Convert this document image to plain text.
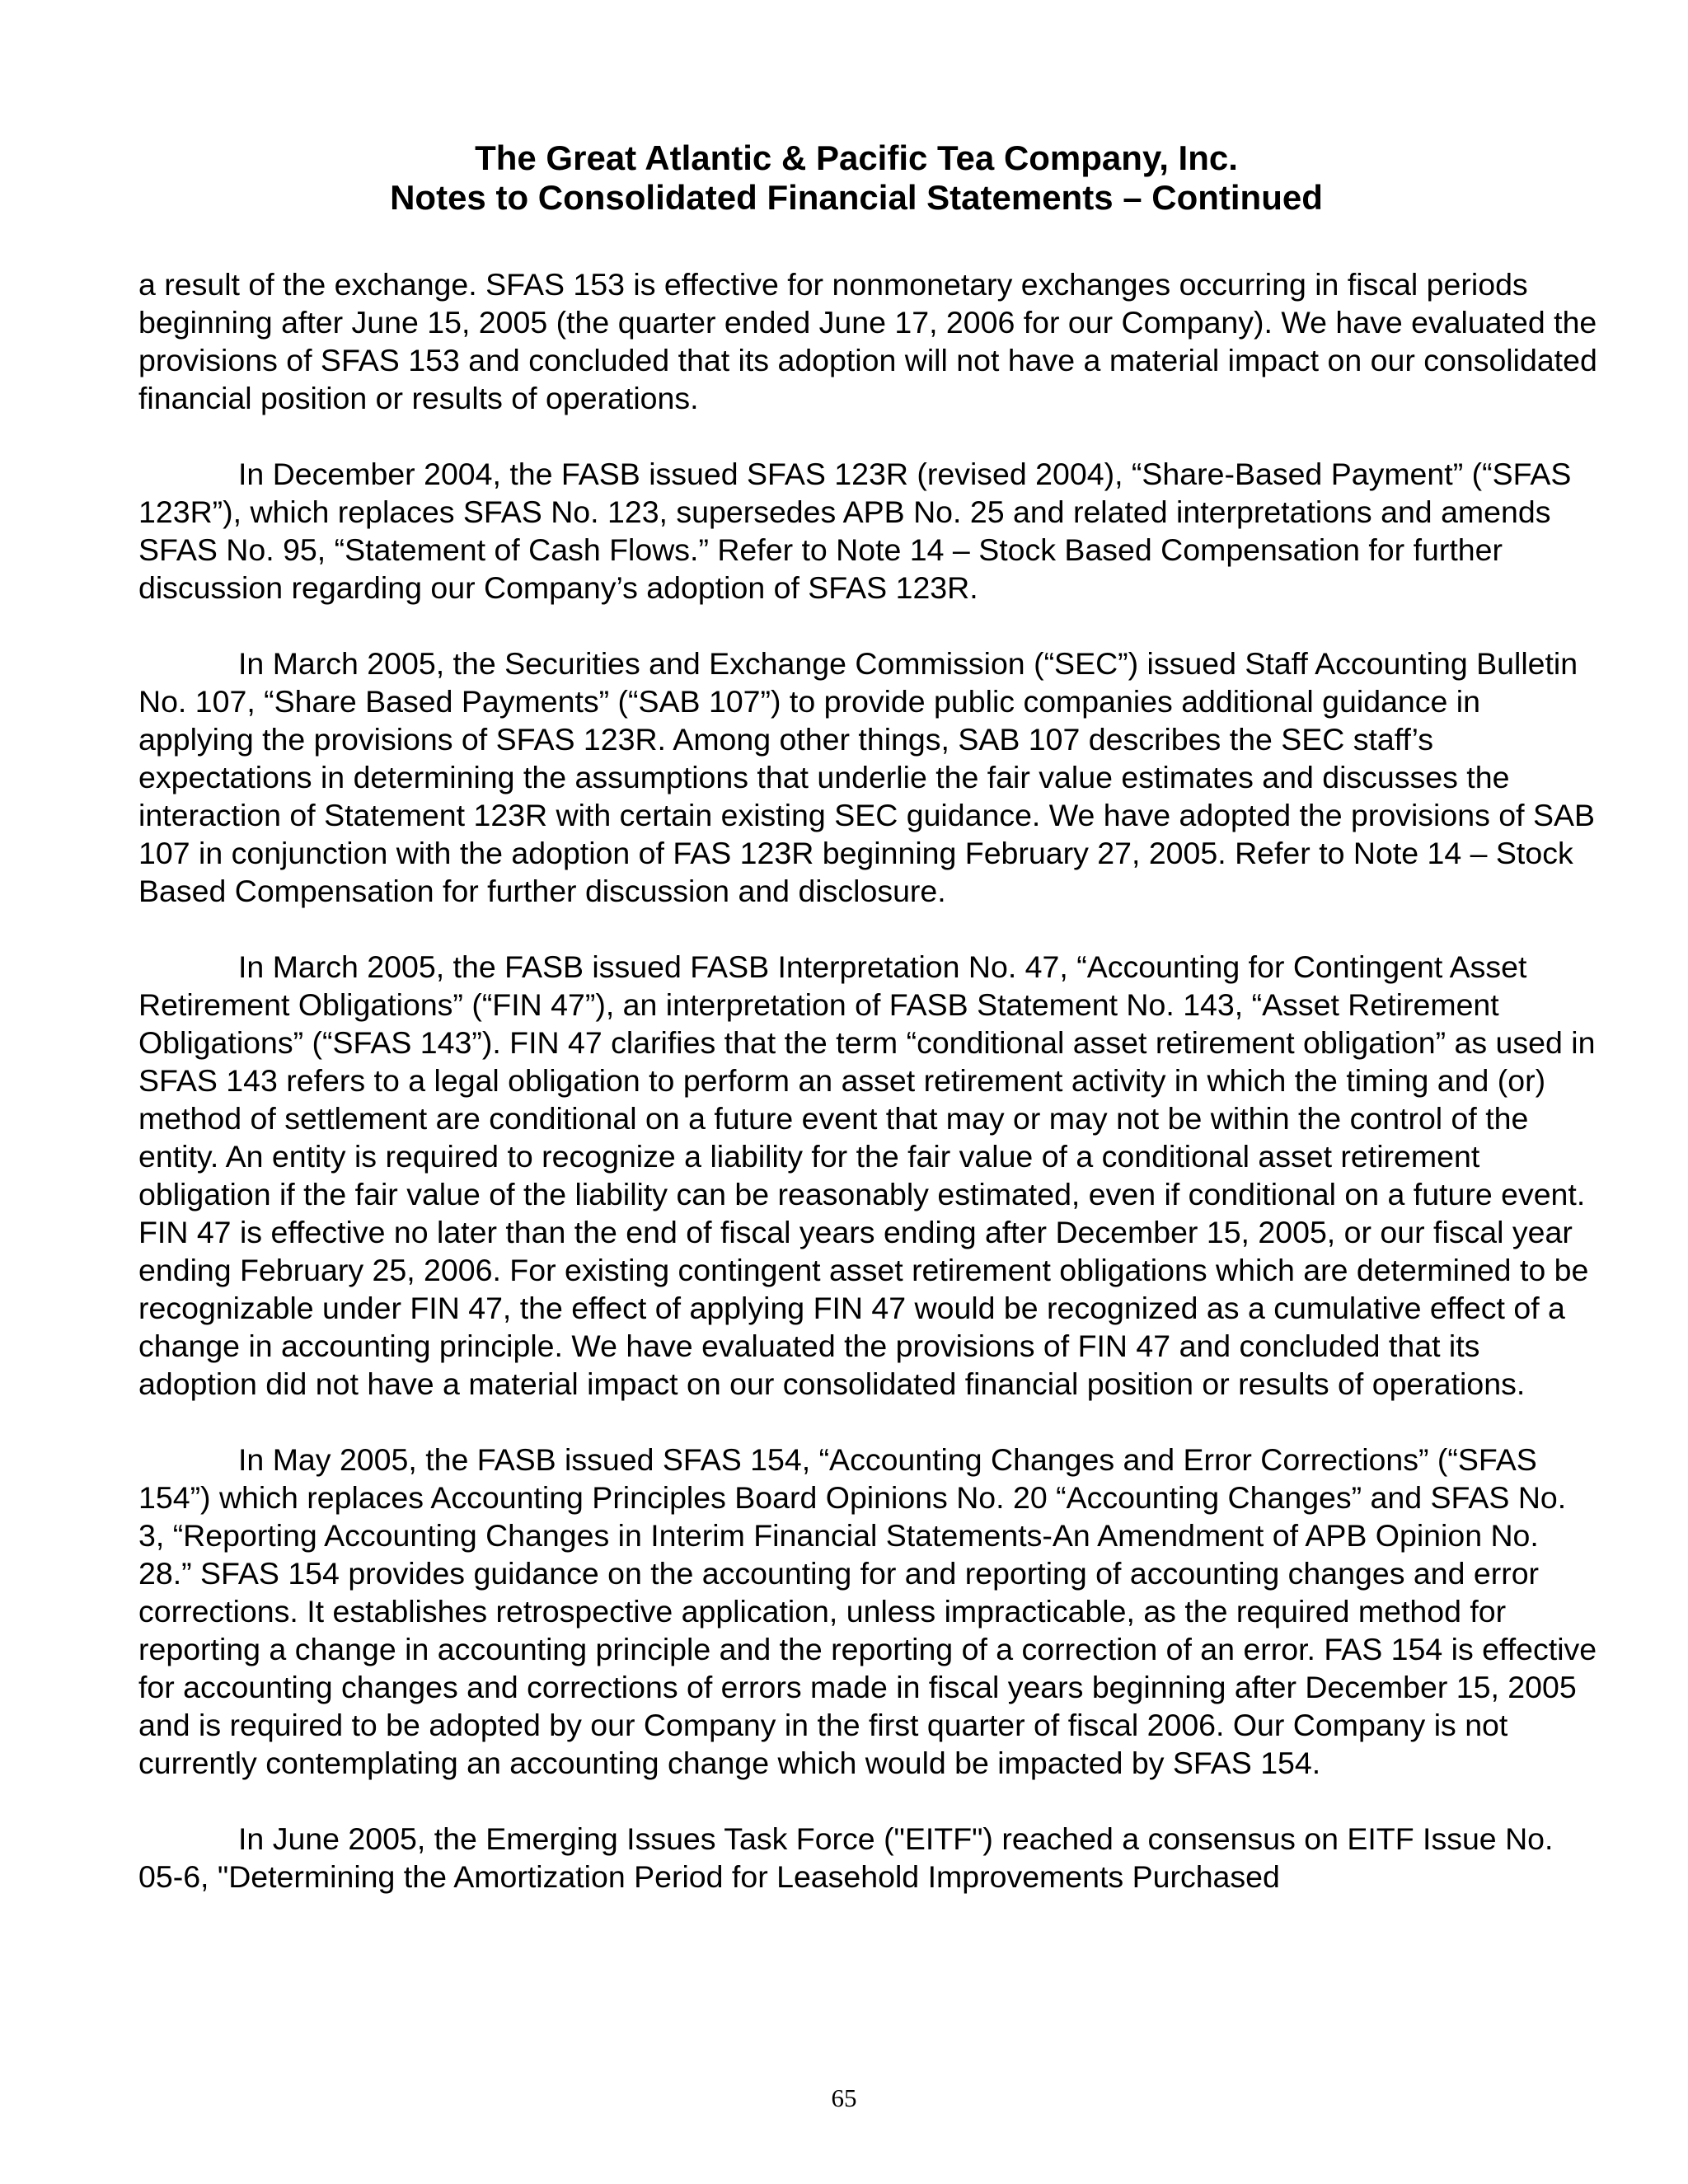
The Great Atlantic & Pacific Tea Company, Inc.
Notes to Consolidated Financial Statements – Continued

a result of the exchange. SFAS 153 is effective for nonmonetary exchanges occurring in fiscal periods beginning after June 15, 2005 (the quarter ended June 17, 2006 for our Company). We have evaluated the provisions of SFAS 153 and concluded that its adoption will not have a material impact on our consolidated financial position or results of operations.

In December 2004, the FASB issued SFAS 123R (revised 2004), “Share-Based Payment” (“SFAS 123R”), which replaces SFAS No. 123, supersedes APB No. 25 and related interpretations and amends SFAS No. 95, “Statement of Cash Flows.” Refer to Note 14 – Stock Based Compensation for further discussion regarding our Company’s adoption of SFAS 123R.

In March 2005, the Securities and Exchange Commission (“SEC”) issued Staff Accounting Bulletin No. 107, “Share Based Payments” (“SAB 107”) to provide public companies additional guidance in applying the provisions of SFAS 123R. Among other things, SAB 107 describes the SEC staff’s expectations in determining the assumptions that underlie the fair value estimates and discusses the interaction of Statement 123R with certain existing SEC guidance. We have adopted the provisions of SAB 107 in conjunction with the adoption of FAS 123R beginning February 27, 2005. Refer to Note 14 – Stock Based Compensation for further discussion and disclosure.

In March 2005, the FASB issued FASB Interpretation No. 47, “Accounting for Contingent Asset Retirement Obligations” (“FIN 47”), an interpretation of FASB Statement No. 143, “Asset Retirement Obligations” (“SFAS 143”). FIN 47 clarifies that the term “conditional asset retirement obligation” as used in SFAS 143 refers to a legal obligation to perform an asset retirement activity in which the timing and (or) method of settlement are conditional on a future event that may or may not be within the control of the entity. An entity is required to recognize a liability for the fair value of a conditional asset retirement obligation if the fair value of the liability can be reasonably estimated, even if conditional on a future event. FIN 47 is effective no later than the end of fiscal years ending after December 15, 2005, or our fiscal year ending February 25, 2006. For existing contingent asset retirement obligations which are determined to be recognizable under FIN 47, the effect of applying FIN 47 would be recognized as a cumulative effect of a change in accounting principle. We have evaluated the provisions of FIN 47 and concluded that its adoption did not have a material impact on our consolidated financial position or results of operations.

In May 2005, the FASB issued SFAS 154, “Accounting Changes and Error Corrections” (“SFAS 154”) which replaces Accounting Principles Board Opinions No. 20 “Accounting Changes” and SFAS No. 3, “Reporting Accounting Changes in Interim Financial Statements-An Amendment of APB Opinion No. 28.” SFAS 154 provides guidance on the accounting for and reporting of accounting changes and error corrections. It establishes retrospective application, unless impracticable, as the required method for reporting a change in accounting principle and the reporting of a correction of an error. FAS 154 is effective for accounting changes and corrections of errors made in fiscal years beginning after December 15, 2005 and is required to be adopted by our Company in the first quarter of fiscal 2006. Our Company is not currently contemplating an accounting change which would be impacted by SFAS 154.

In June 2005, the Emerging Issues Task Force ("EITF") reached a consensus on EITF Issue No. 05-6, "Determining the Amortization Period for Leasehold Improvements Purchased

65
